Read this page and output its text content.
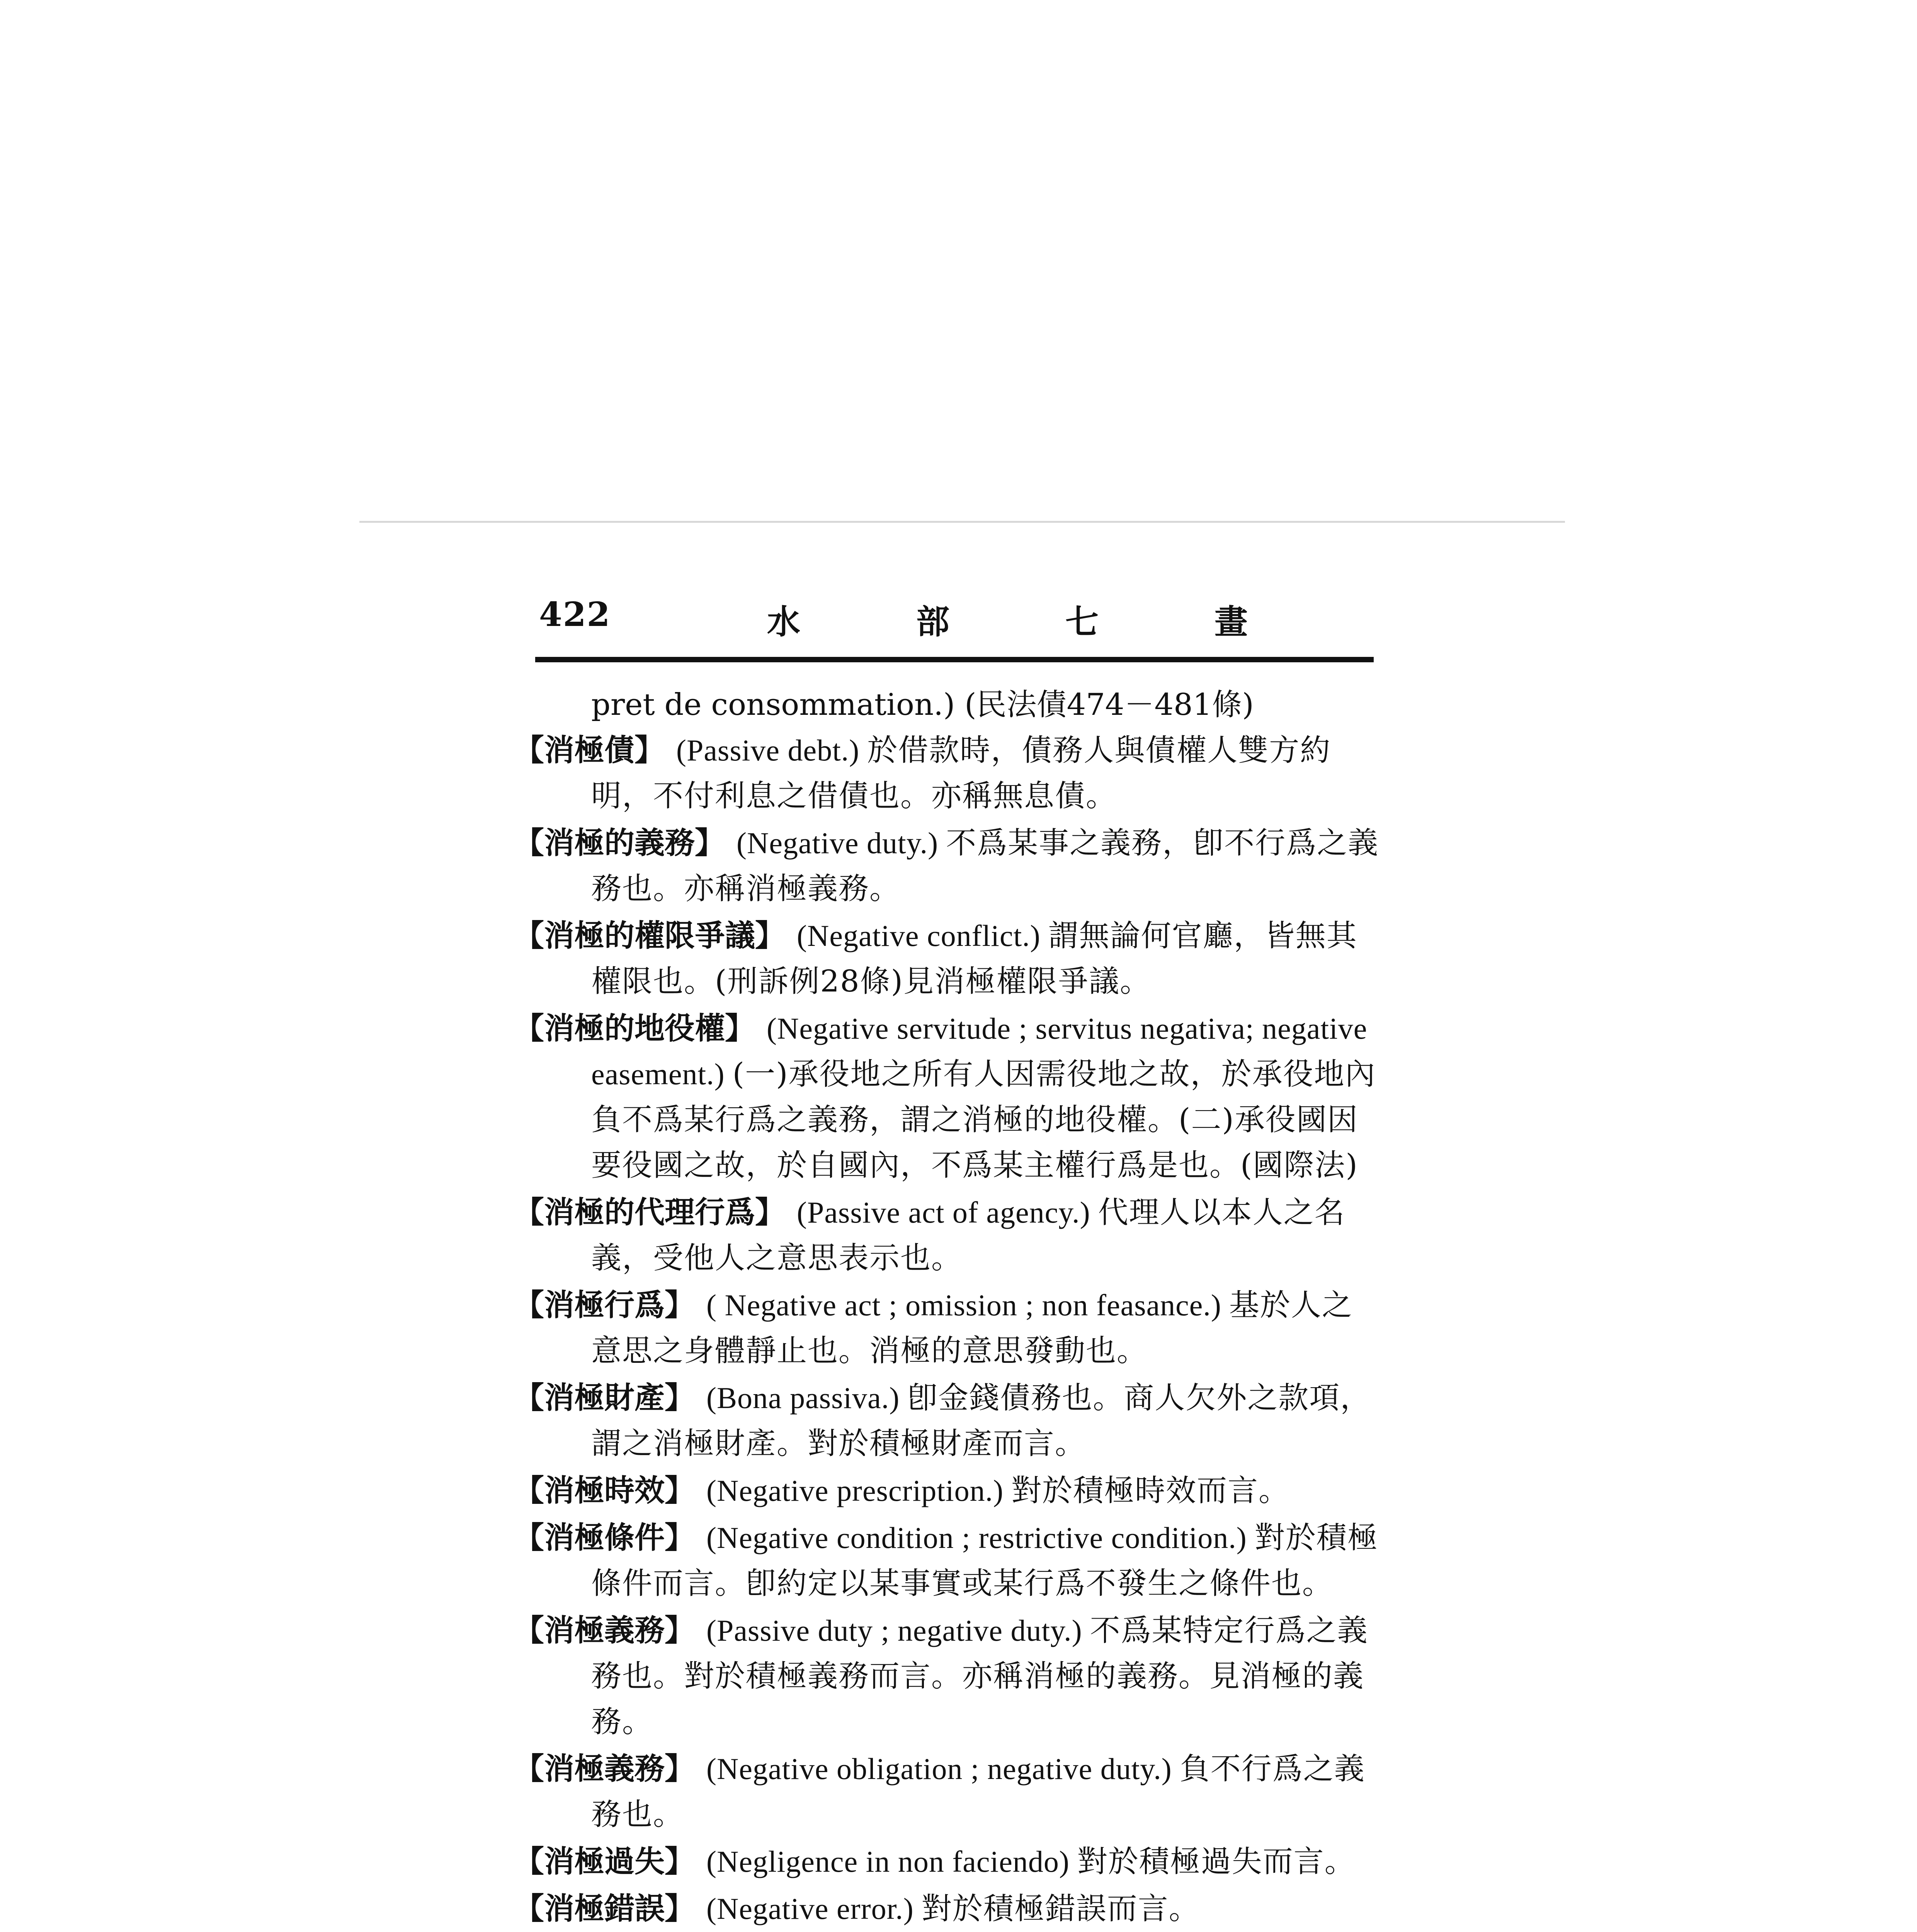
422	水部七畫

pret de consommation.) (民法債474－481條)

【消極債】 (Passive debt.) 於借款時，債務人與債權人雙方約明，不付利息之借債也。亦稱無息債。

【消極的義務】 (Negative duty.) 不爲某事之義務，卽不行爲之義務也。亦稱消極義務。

【消極的權限爭議】 (Negative conflict.) 謂無論何官廳，皆無其權限也。(刑訴例28條)見消極權限爭議。

【消極的地役權】 (Negative servitude ; servitus negativa; negative easement.) (一)承役地之所有人因需役地之故，於承役地內負不爲某行爲之義務，謂之消極的地役權。(二)承役國因要役國之故，於自國內，不爲某主權行爲是也。(國際法)

【消極的代理行爲】 (Passive act of agency.) 代理人以本人之名義，受他人之意思表示也。

【消極行爲】 ( Negative act ; omission ; non feasance.) 基於人之意思之身體靜止也。消極的意思發動也。

【消極財產】 (Bona passiva.) 卽金錢債務也。商人欠外之款項，謂之消極財產。對於積極財產而言。

【消極時效】 (Negative prescription.) 對於積極時效而言。

【消極條件】 (Negative condition ; restrictive condition.) 對於積極條件而言。卽約定以某事實或某行爲不發生之條件也。

【消極義務】 (Passive duty ; negative duty.) 不爲某特定行爲之義務也。對於積極義務而言。亦稱消極的義務。見消極的義務。

【消極義務】 (Negative obligation ; negative duty.) 負不行爲之義務也。

【消極過失】 (Negligence in non faciendo) 對於積極過失而言。

【消極錯誤】 (Negative error.) 對於積極錯誤而言。
